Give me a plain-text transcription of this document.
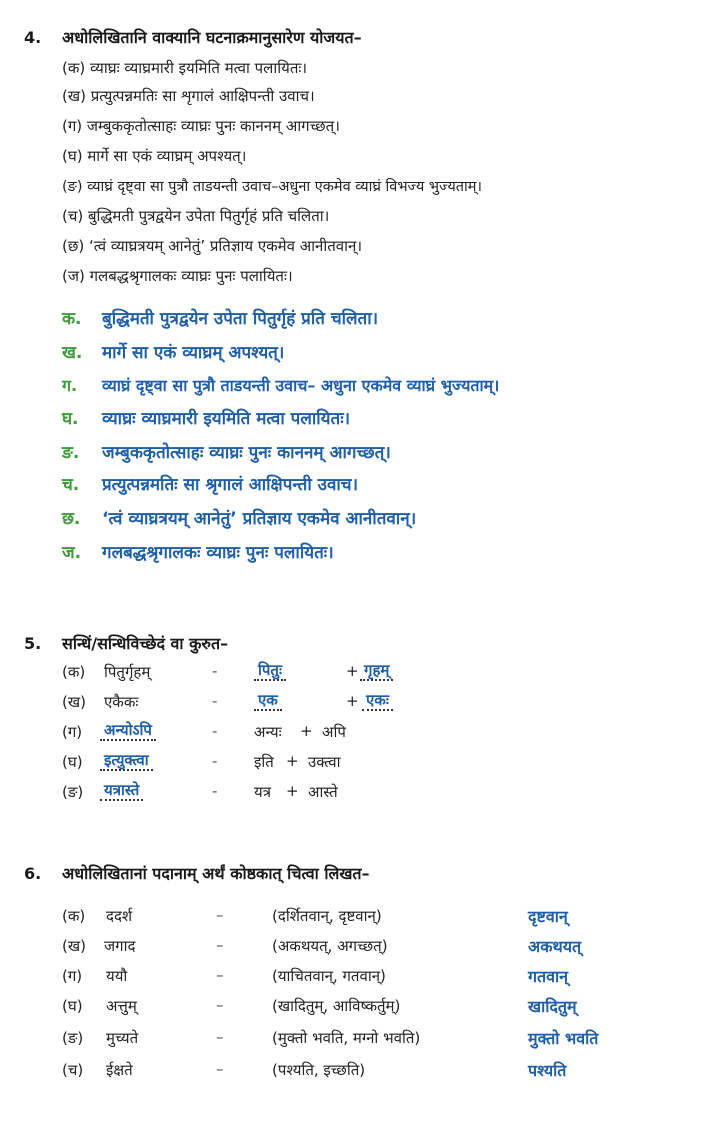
4. अधोलिखितानि वाक्यानि घटनाक्रमानुसारेण योजयत–
(क) व्याघ्रः व्याघ्रमारी इयमिति मत्वा पलायितः।
(ख) प्रत्युत्पन्नमतिः सा शृगालं आक्षिपन्ती उवाच।
(ग) जम्बुककृतोत्साहः व्याघ्रः पुनः काननम् आगच्छत्।
(घ) मार्गे सा एकं व्याघ्रम् अपश्यत्।
(ङ) व्याघ्रं दृष्ट्वा सा पुत्रौ ताडयन्ती उवाच–अधुना एकमेव व्याघ्रं विभज्य भुज्यताम्।
(च) बुद्धिमती पुत्रद्वयेन उपेता पितुर्गृहं प्रति चलिता।
(छ) ‘त्वं व्याघ्रत्रयम् आनेतुं’ प्रतिज्ञाय एकमेव आनीतवान्।
(ज) गलबद्धश्रृगालकः व्याघ्रः पुनः पलायितः।
क. बुद्धिमती पुत्रद्वयेन उपेता पितुर्गृहं प्रति चलिता।
ख. मार्गे सा एकं व्याघ्रम् अपश्यत्।
ग. व्याघ्रं दृष्ट्वा सा पुत्रौ ताडयन्ती उवाच– अधुना एकमेव व्याघ्रं भुज्यताम्।
घ. व्याघ्रः व्याघ्रमारी इयमिति मत्वा पलायितः।
ङ. जम्बुककृतोत्साहः व्याघ्रः पुनः काननम् आगच्छत्।
च. प्रत्युत्पन्नमतिः सा श्रृगालं आक्षिपन्ती उवाच।
छ. ‘त्वं व्याघ्रत्रयम् आनेतुं’ प्रतिज्ञाय एकमेव आनीतवान्।
ज. गलबद्धश्रृगालकः व्याघ्रः पुनः पलायितः।
5. सन्धिं/सन्धिविच्छेदं वा कुरुत–
(क) पितुर्गृहम्	-	पितुः	+ गृहम्
(ख) एकैकः	-	एक	+ एकः
(ग) अन्योऽपि	- अन्यः + अपि
(घ) इत्युक्त्वा	- इति + उक्त्वा
(ङ) यत्रास्ते	- यत्र + आस्ते
6. अधोलिखितानां पदानाम् अर्थं कोष्ठकात् चित्वा लिखत–
(क) ददर्श	–	(दर्शितवान्, दृष्टवान्)	दृष्टवान्
(ख) जगाद	–	(अकथयत्, अगच्छत्)	अकथयत्
(ग) ययौ	–	(याचितवान्, गतवान्)	गतवान्
(घ) अत्तुम्	–	(खादितुम्, आविष्कर्तुम्)	खादितुम्
(ङ) मुच्यते	–	(मुक्तो भवति, मग्नो भवति)	मुक्तो भवति
(च) ईक्षते	–	(पश्यति, इच्छति)	पश्यति
